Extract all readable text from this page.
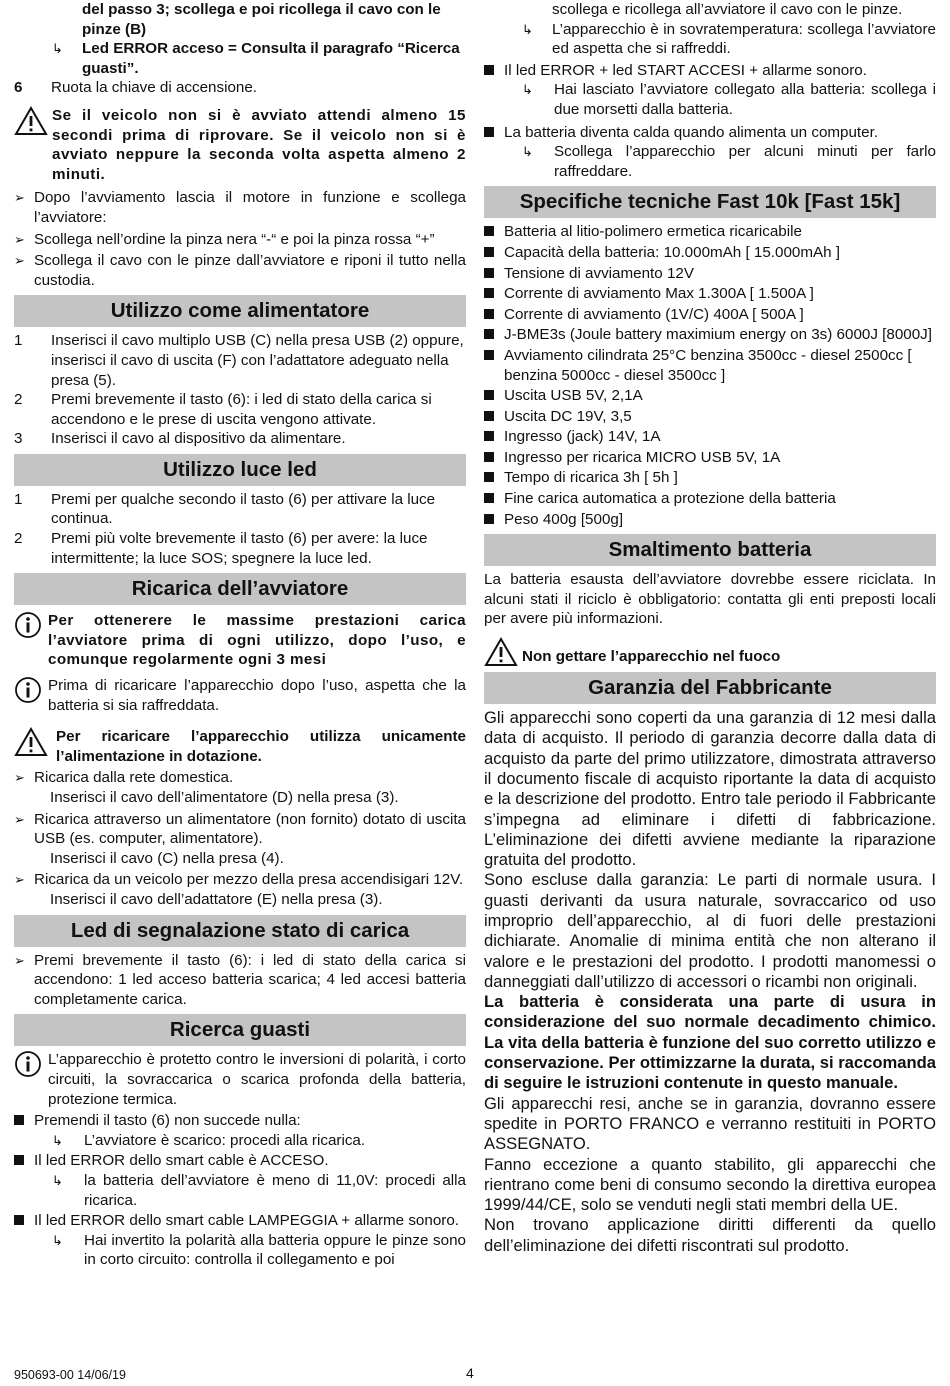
del passo 3; scollega e poi ricollega il cavo con le pinze (B)
↳	Led ERROR acceso = Consulta il paragrafo “Ricerca guasti”.
6	Ruota la chiave di accensione.
Se il veicolo non si è avviato attendi almeno 15 secondi prima di riprovare. Se il veicolo non si è avviato neppure la seconda volta aspetta almeno 2 minuti.
➢ Dopo l’avviamento lascia il motore in funzione e scollega l’avviatore:
➢ Scollega nell’ordine la pinza nera “-“ e poi la pinza rossa “+”
➢ Scollega il cavo con le pinze dall’avviatore e riponi il tutto nella custodia.
Utilizzo come alimentatore
1	Inserisci il cavo multiplo USB (C) nella presa USB (2) oppure, inserisci il cavo di uscita (F) con l’adattatore adeguato nella presa (5).
2	Premi brevemente il tasto (6): i led di stato della carica si accendono e le prese di uscita vengono attivate.
3	Inserisci il cavo al dispositivo da alimentare.
Utilizzo luce led
1	Premi per qualche secondo il tasto (6) per attivare la luce continua.
2	Premi più volte brevemente il tasto (6) per avere: la luce intermittente; la luce SOS; spegnere la luce led.
Ricarica dell’avviatore
Per ottenerere le massime prestazioni carica l’avviatore prima di ogni utilizzo, dopo l’uso, e comunque regolarmente ogni 3 mesi
Prima di ricaricare l’apparecchio dopo l’uso, aspetta che la batteria si sia raffreddata.
Per ricaricare l’apparecchio utilizza unicamente l’alimentazione in dotazione.
➢ Ricarica dalla rete domestica.
Inserisci il cavo dell’alimentatore (D) nella presa (3).
➢ Ricarica attraverso un alimentatore (non fornito) dotato di uscita USB (es. computer, alimentatore).
Inserisci il cavo (C) nella presa (4).
➢ Ricarica da un veicolo per mezzo della presa accendisigari 12V.
Inserisci il cavo dell’adattatore (E) nella presa (3).
Led di segnalazione stato di carica
➢ Premi brevemente il tasto (6): i led di stato della carica si accendono: 1 led acceso batteria scarica; 4 led accesi batteria completamente carica.
Ricerca guasti
L’apparecchio è protetto contro le inversioni di polarità, i corto circuiti, la sovraccarica o scarica profonda della batteria, protezione termica.
Premendi il tasto (6) non succede nulla:
↳	L’avviatore è scarico: procedi alla ricarica.
Il led ERROR dello smart cable è ACCESO.
↳	la batteria dell’avviatore è meno di 11,0V: procedi alla ricarica.
Il led ERROR dello smart cable LAMPEGGIA + allarme sonoro.
↳	Hai invertito la polarità alla batteria oppure le pinze sono in corto circuito: controlla il collegamento e poi
scollega e ricollega all’avviatore il cavo con le pinze.
↳	L’apparecchio è in sovratemperatura: scollega l’avviatore ed aspetta che si raffreddi.
Il led ERROR + led START ACCESI + allarme sonoro.
↳	Hai lasciato l’avviatore collegato alla batteria: scollega i due morsetti dalla batteria.
La batteria diventa calda quando alimenta un computer.
↳	Scollega l’apparecchio per alcuni minuti per farlo raffreddare.
Specifiche tecniche Fast 10k [Fast 15k]
Batteria al litio-polimero ermetica ricaricabile
Capacità della batteria: 10.000mAh [ 15.000mAh ]
Tensione di avviamento 12V
Corrente di avviamento Max 1.300A [ 1.500A ]
Corrente di avviamento (1V/C) 400A [ 500A ]
J-BME3s (Joule battery maximium energy on 3s) 6000J [8000J]
Avviamento cilindrata 25°C benzina 3500cc - diesel 2500cc [ benzina 5000cc - diesel 3500cc ]
Uscita USB 5V, 2,1A
Uscita DC 19V, 3,5
Ingresso (jack) 14V, 1A
Ingresso per ricarica MICRO USB 5V, 1A
Tempo di ricarica 3h [ 5h ]
Fine carica automatica a protezione della batteria
Peso 400g [500g]
Smaltimento batteria
La batteria esausta dell’avviatore dovrebbe essere riciclata. In alcuni stati il riciclo è obbligatorio: contatta gli enti preposti locali per avere più informazioni.
Non gettare l’apparecchio nel fuoco
Garanzia del Fabbricante
Gli apparecchi sono coperti da una garanzia di 12 mesi dalla data di acquisto. Il periodo di garanzia decorre dalla data di acquisto da parte del primo utilizzatore, dimostrata attraverso il documento fiscale di acquisto riportante la data di acquisto e la descrizione del prodotto. Entro tale periodo il Fabbricante s’impegna ad eliminare i difetti di fabbricazione. L’eliminazione dei difetti avviene mediante la riparazione gratuita del prodotto.
Sono escluse dalla garanzia: Le parti di normale usura. I guasti derivanti da usura naturale, sovraccarico od uso improprio dell’apparecchio, al di fuori delle prestazioni dichiarate. Anomalie di minima entità che non alterano il valore e le prestazioni del prodotto. I prodotti manomessi o danneggiati dall’utilizzo di accessori o ricambi non originali.
La batteria è considerata una parte di usura in considerazione del suo normale decadimento chimico. La vita della batteria è funzione del suo corretto utilizzo e conservazione. Per ottimizzarne la durata, si raccomanda di seguire le istruzioni contenute in questo manuale.
Gli apparecchi resi, anche se in garanzia, dovranno essere spedite in PORTO FRANCO e verranno restituiti in PORTO ASSEGNATO.
Fanno eccezione a quanto stabilito, gli apparecchi che rientrano come beni di consumo secondo la direttiva europea 1999/44/CE, solo se venduti negli stati membri della UE.
Non trovano applicazione diritti differenti da quello dell’eliminazione dei difetti riscontrati sul prodotto.
950693-00 14/06/19	4
